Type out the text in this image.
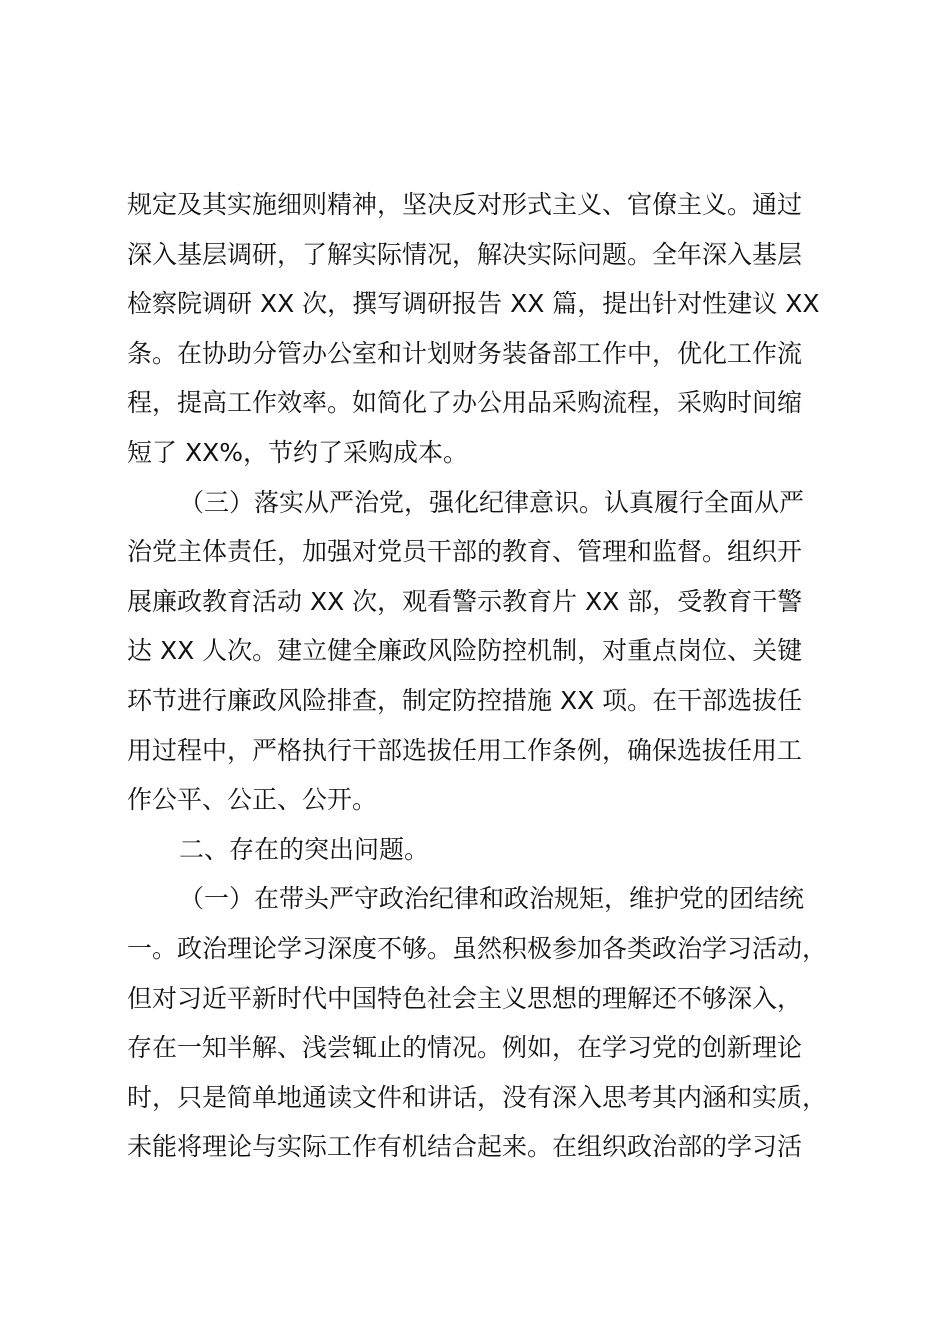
规定及其实施细则精神，坚决反对形式主义、官僚主义。通过
深入基层调研，了解实际情况，解决实际问题。全年深入基层
检察院调研 XX 次，撰写调研报告 XX 篇，提出针对性建议 XX
条。在协助分管办公室和计划财务装备部工作中，优化工作流
程，提高工作效率。如简化了办公用品采购流程，采购时间缩
短了 XX%，节约了采购成本。
（三）落实从严治党，强化纪律意识。认真履行全面从严
治党主体责任，加强对党员干部的教育、管理和监督。组织开
展廉政教育活动 XX 次，观看警示教育片 XX 部，受教育干警
达 XX 人次。建立健全廉政风险防控机制，对重点岗位、关键
环节进行廉政风险排查，制定防控措施 XX 项。在干部选拔任
用过程中，严格执行干部选拔任用工作条例，确保选拔任用工
作公平、公正、公开。
二、存在的突出问题。
（一）在带头严守政治纪律和政治规矩，维护党的团结统
一。政治理论学习深度不够。虽然积极参加各类政治学习活动，
但对习近平新时代中国特色社会主义思想的理解还不够深入，
存在一知半解、浅尝辄止的情况。例如，在学习党的创新理论
时，只是简单地通读文件和讲话，没有深入思考其内涵和实质，
未能将理论与实际工作有机结合起来。在组织政治部的学习活
